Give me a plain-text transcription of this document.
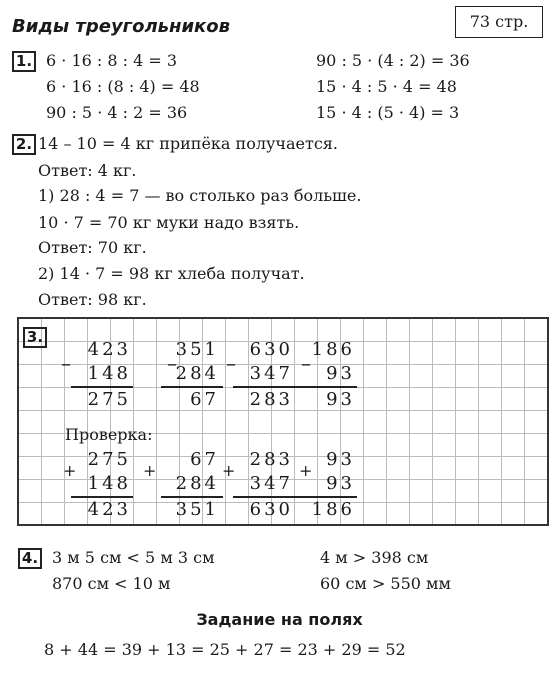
Виды треугольников	73 стр.
1. 6 · 16 : 8 : 4 = 3
6 · 16 : (8 : 4) = 48
90 : 5 · 4 : 2 = 36
90 : 5 · (4 : 2) = 36
15 · 4 : 5 · 4 = 48
15 · 4 : (5 · 4) = 3
2. 14 – 10 = 4 кг припёка получается.
Ответ: 4 кг.
1) 28 : 4 = 7 — во столько раз больше.
10 · 7 = 70 кг муки надо взять.
Ответ: 70 кг.
2) 14 · 7 = 98 кг хлеба получат.
Ответ: 98 кг.
3.
423
– 148
275
351
–
284
67
630
– 347
283
186
– 93
93
Проверка:
275
+
148
423
67
+
284
351
283
+
347
630
93
+
93
186
4. 3 м 5 см < 5 м 3 см
870 см < 10 м
4 м > 398 см
60 см > 550 мм
Задание на полях
8 + 44 = 39 + 13 = 25 + 27 = 23 + 29 = 52
